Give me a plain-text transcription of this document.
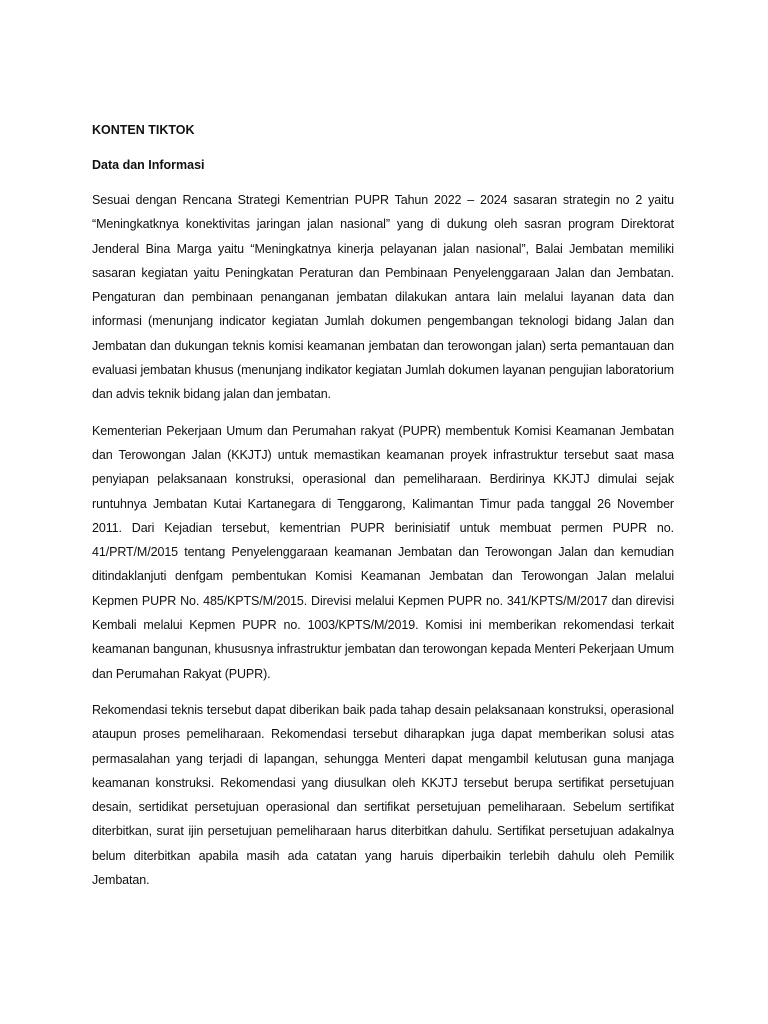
KONTEN TIKTOK

Data dan Informasi

Sesuai dengan Rencana Strategi Kementrian PUPR Tahun 2022 – 2024 sasaran strategin no 2 yaitu “Meningkatknya konektivitas jaringan jalan nasional” yang di dukung oleh sasran program Direktorat Jenderal Bina Marga yaitu “Meningkatnya kinerja pelayanan jalan nasional”, Balai Jembatan memiliki sasaran kegiatan yaitu Peningkatan Peraturan dan Pembinaan Penyelenggaraan Jalan dan Jembatan. Pengaturan dan pembinaan penanganan jembatan dilakukan antara lain melalui layanan data dan informasi (menunjang indicator kegiatan Jumlah dokumen pengembangan teknologi bidang Jalan dan Jembatan dan dukungan teknis komisi keamanan jembatan dan terowongan jalan) serta pemantauan dan evaluasi jembatan khusus (menunjang indikator kegiatan Jumlah dokumen layanan pengujian laboratorium dan advis teknik bidang jalan dan jembatan.

Kementerian Pekerjaan Umum dan Perumahan rakyat (PUPR) membentuk Komisi Keamanan Jembatan dan Terowongan Jalan (KKJTJ) untuk memastikan keamanan proyek infrastruktur tersebut saat masa penyiapan pelaksanaan konstruksi, operasional dan pemeliharaan. Berdirinya KKJTJ dimulai sejak runtuhnya Jembatan Kutai Kartanegara di Tenggarong, Kalimantan Timur pada tanggal 26 November 2011. Dari Kejadian tersebut, kementrian PUPR berinisiatif untuk membuat permen PUPR no. 41/PRT/M/2015 tentang Penyelenggaraan keamanan Jembatan dan Terowongan Jalan dan kemudian ditindaklanjuti denfgam pembentukan Komisi Keamanan Jembatan dan Terowongan Jalan melalui Kepmen PUPR No. 485/KPTS/M/2015. Direvisi melalui Kepmen PUPR no. 341/KPTS/M/2017 dan direvisi Kembali melalui Kepmen PUPR no. 1003/KPTS/M/2019. Komisi ini memberikan rekomendasi terkait keamanan bangunan, khususnya infrastruktur jembatan dan terowongan kepada Menteri Pekerjaan Umum dan Perumahan Rakyat (PUPR).

Rekomendasi teknis tersebut dapat diberikan baik pada tahap desain pelaksanaan konstruksi, operasional ataupun proses pemeliharaan. Rekomendasi tersebut diharapkan juga dapat memberikan solusi atas permasalahan yang terjadi di lapangan, sehungga Menteri dapat mengambil kelutusan guna manjaga keamanan konstruksi. Rekomendasi yang diusulkan oleh KKJTJ tersebut berupa sertifikat persetujuan desain, sertidikat persetujuan operasional dan sertifikat persetujuan pemeliharaan. Sebelum sertifikat diterbitkan, surat ijin persetujuan pemeliharaan harus diterbitkan dahulu. Sertifikat persetujuan adakalnya belum diterbitkan apabila masih ada catatan yang haruis diperbaikin terlebih dahulu oleh Pemilik Jembatan.
